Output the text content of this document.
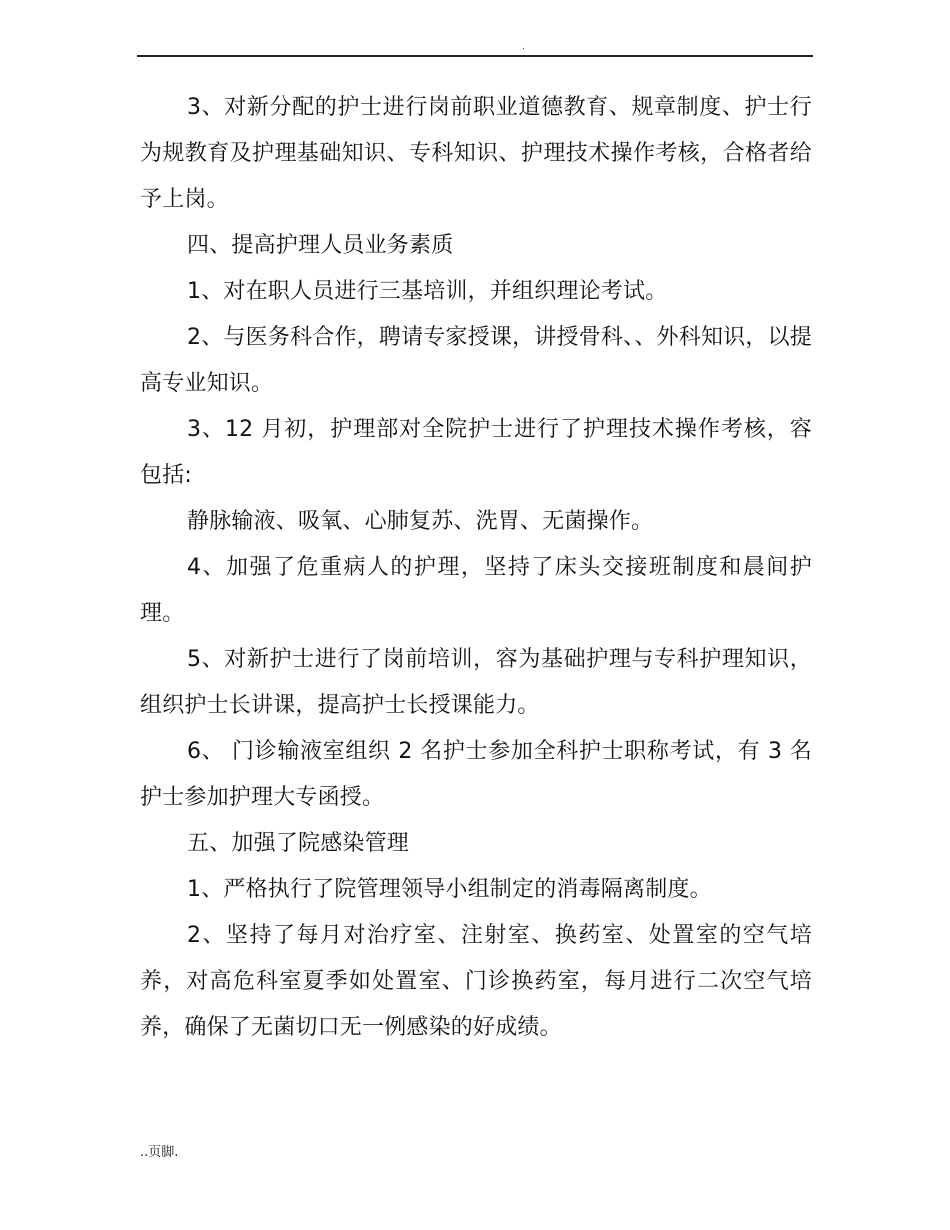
.

3、对新分配的护士进行岗前职业道德教育、规章制度、护士行为规教育及护理基础知识、专科知识、护理技术操作考核，合格者给予上岗。

四、提高护理人员业务素质

1、对在职人员进行三基培训，并组织理论考试。

2、与医务科合作，聘请专家授课，讲授骨科、、外科知识，以提高专业知识。

3、12 月初，护理部对全院护士进行了护理技术操作考核，容包括:

静脉输液、吸氧、心肺复苏、洗胃、无菌操作。

4、加强了危重病人的护理，坚持了床头交接班制度和晨间护理。

5、对新护士进行了岗前培训，容为基础护理与专科护理知识，组织护士长讲课，提高护士长授课能力。

6、 门诊输液室组织 2 名护士参加全科护士职称考试，有 3 名护士参加护理大专函授。

五、加强了院感染管理

1、严格执行了院管理领导小组制定的消毒隔离制度。

2、坚持了每月对治疗室、注射室、换药室、处置室的空气培养，对高危科室夏季如处置室、门诊换药室，每月进行二次空气培养，确保了无菌切口无一例感染的好成绩。

..页脚.
